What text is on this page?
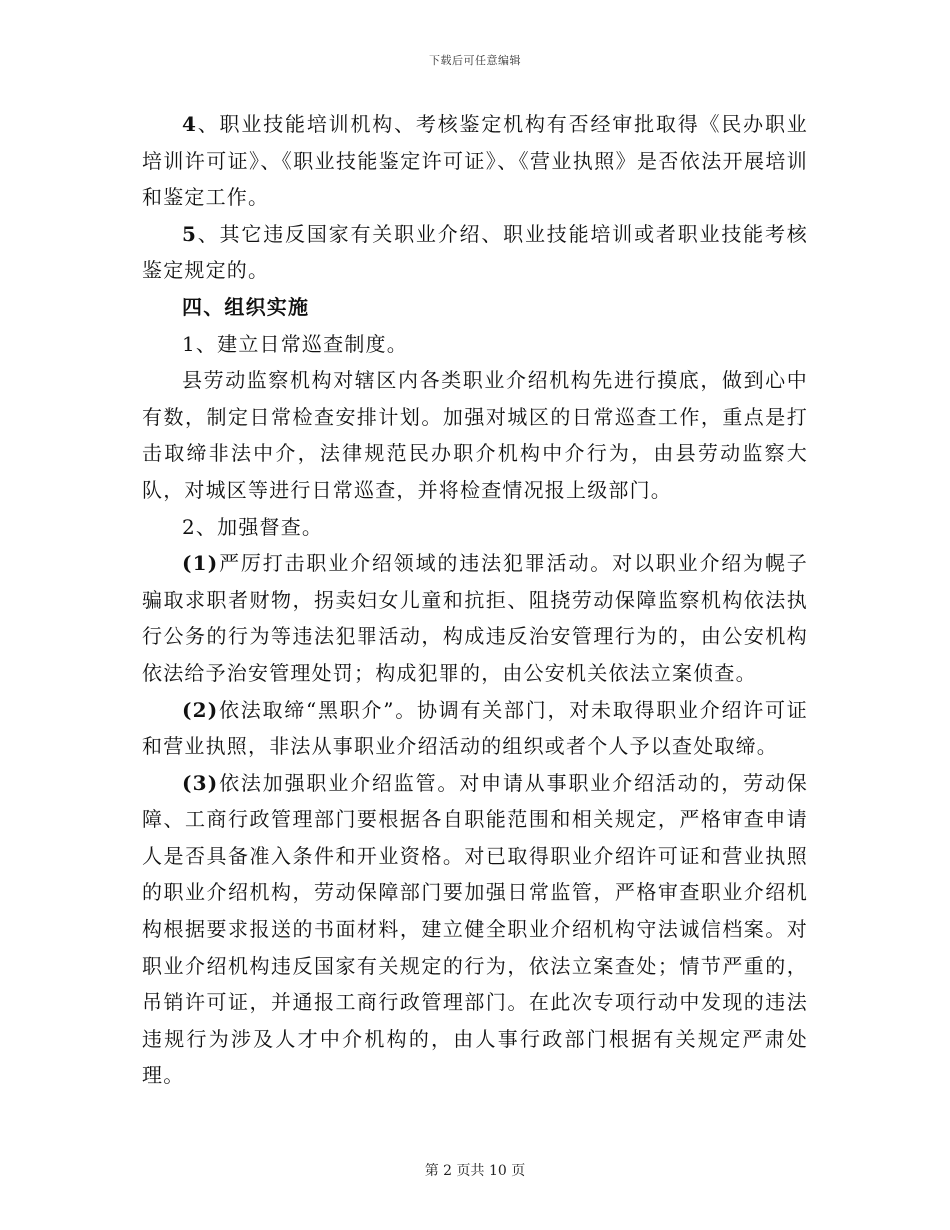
下载后可任意编辑

4、职业技能培训机构、考核鉴定机构有否经审批取得《民办职业培训许可证》、《职业技能鉴定许可证》、《营业执照》是否依法开展培训和鉴定工作。

5、其它违反国家有关职业介绍、职业技能培训或者职业技能考核鉴定规定的。

四、组织实施

1、建立日常巡查制度。

县劳动监察机构对辖区内各类职业介绍机构先进行摸底，做到心中有数，制定日常检查安排计划。加强对城区的日常巡查工作，重点是打击取缔非法中介，法律规范民办职介机构中介行为，由县劳动监察大队，对城区等进行日常巡查，并将检查情况报上级部门。

2、加强督查。

(1)严厉打击职业介绍领域的违法犯罪活动。对以职业介绍为幌子骗取求职者财物，拐卖妇女儿童和抗拒、阻挠劳动保障监察机构依法执行公务的行为等违法犯罪活动，构成违反治安管理行为的，由公安机构依法给予治安管理处罚；构成犯罪的，由公安机关依法立案侦查。

(2)依法取缔“黑职介”。协调有关部门，对未取得职业介绍许可证和营业执照，非法从事职业介绍活动的组织或者个人予以查处取缔。

(3)依法加强职业介绍监管。对申请从事职业介绍活动的，劳动保障、工商行政管理部门要根据各自职能范围和相关规定，严格审查申请人是否具备准入条件和开业资格。对已取得职业介绍许可证和营业执照的职业介绍机构，劳动保障部门要加强日常监管，严格审查职业介绍机构根据要求报送的书面材料，建立健全职业介绍机构守法诚信档案。对职业介绍机构违反国家有关规定的行为，依法立案查处；情节严重的，吊销许可证，并通报工商行政管理部门。在此次专项行动中发现的违法违规行为涉及人才中介机构的，由人事行政部门根据有关规定严肃处理。

第 2 页共 10 页
